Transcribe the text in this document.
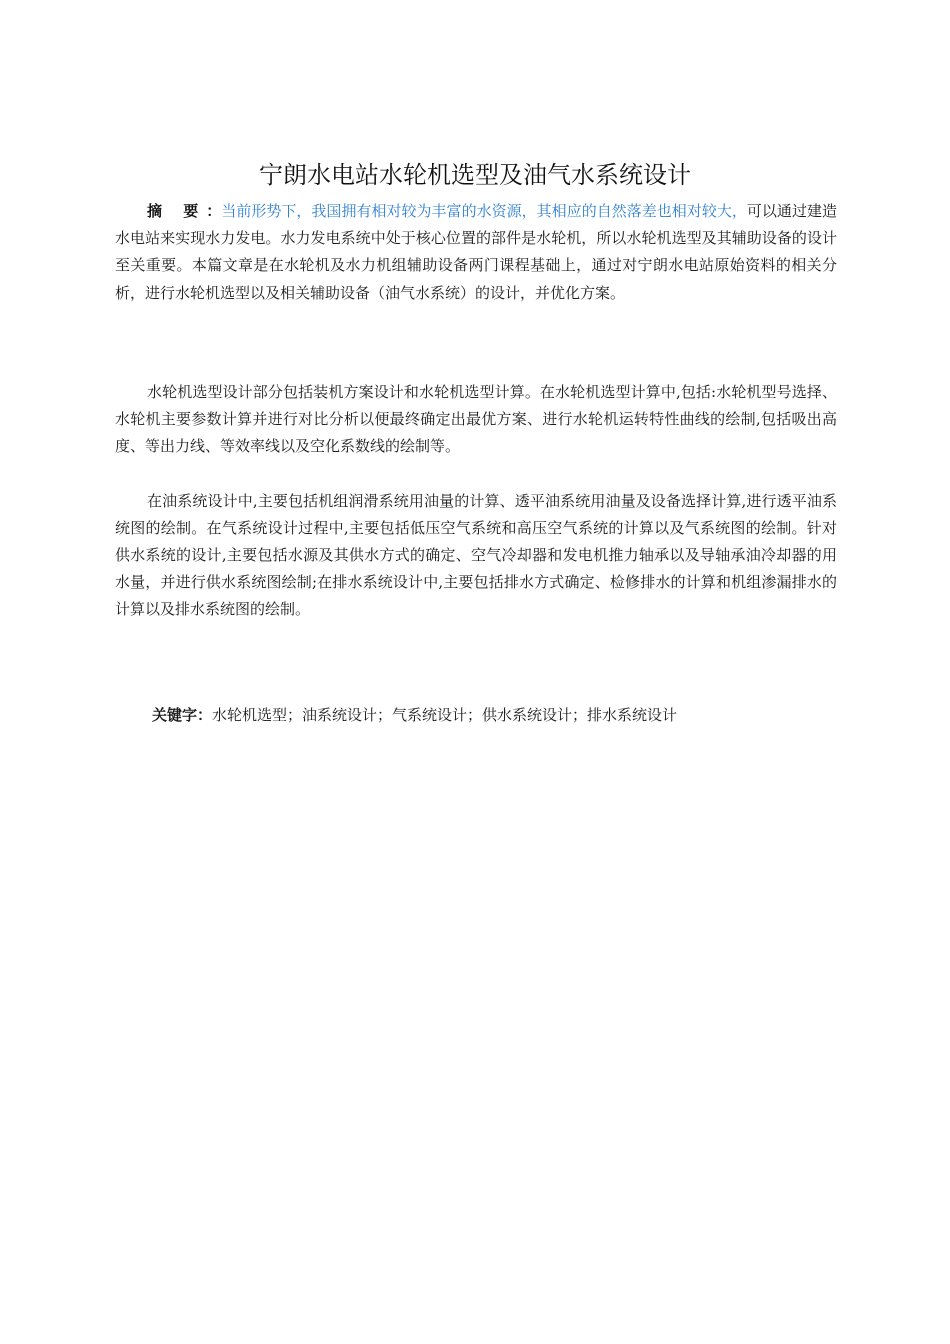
宁朗水电站水轮机选型及油气水系统设计
摘 要：当前形势下，我国拥有相对较为丰富的水资源，其相应的自然落差也相对较大，可以通过建造水电站来实现水力发电。水力发电系统中处于核心位置的部件是水轮机，所以水轮机选型及其辅助设备的设计至关重要。本篇文章是在水轮机及水力机组辅助设备两门课程基础上，通过对宁朗水电站原始资料的相关分析，进行水轮机选型以及相关辅助设备（油气水系统）的设计，并优化方案。
水轮机选型设计部分包括装机方案设计和水轮机选型计算。在水轮机选型计算中,包括:水轮机型号选择、水轮机主要参数计算并进行对比分析以便最终确定出最优方案、进行水轮机运转特性曲线的绘制,包括吸出高度、等出力线、等效率线以及空化系数线的绘制等。
在油系统设计中,主要包括机组润滑系统用油量的计算、透平油系统用油量及设备选择计算,进行透平油系统图的绘制。在气系统设计过程中,主要包括低压空气系统和高压空气系统的计算以及气系统图的绘制。针对供水系统的设计,主要包括水源及其供水方式的确定、空气冷却器和发电机推力轴承以及导轴承油冷却器的用水量，并进行供水系统图绘制;在排水系统设计中,主要包括排水方式确定、检修排水的计算和机组渗漏排水的计算以及排水系统图的绘制。
关键字：水轮机选型；油系统设计；气系统设计；供水系统设计；排水系统设计
